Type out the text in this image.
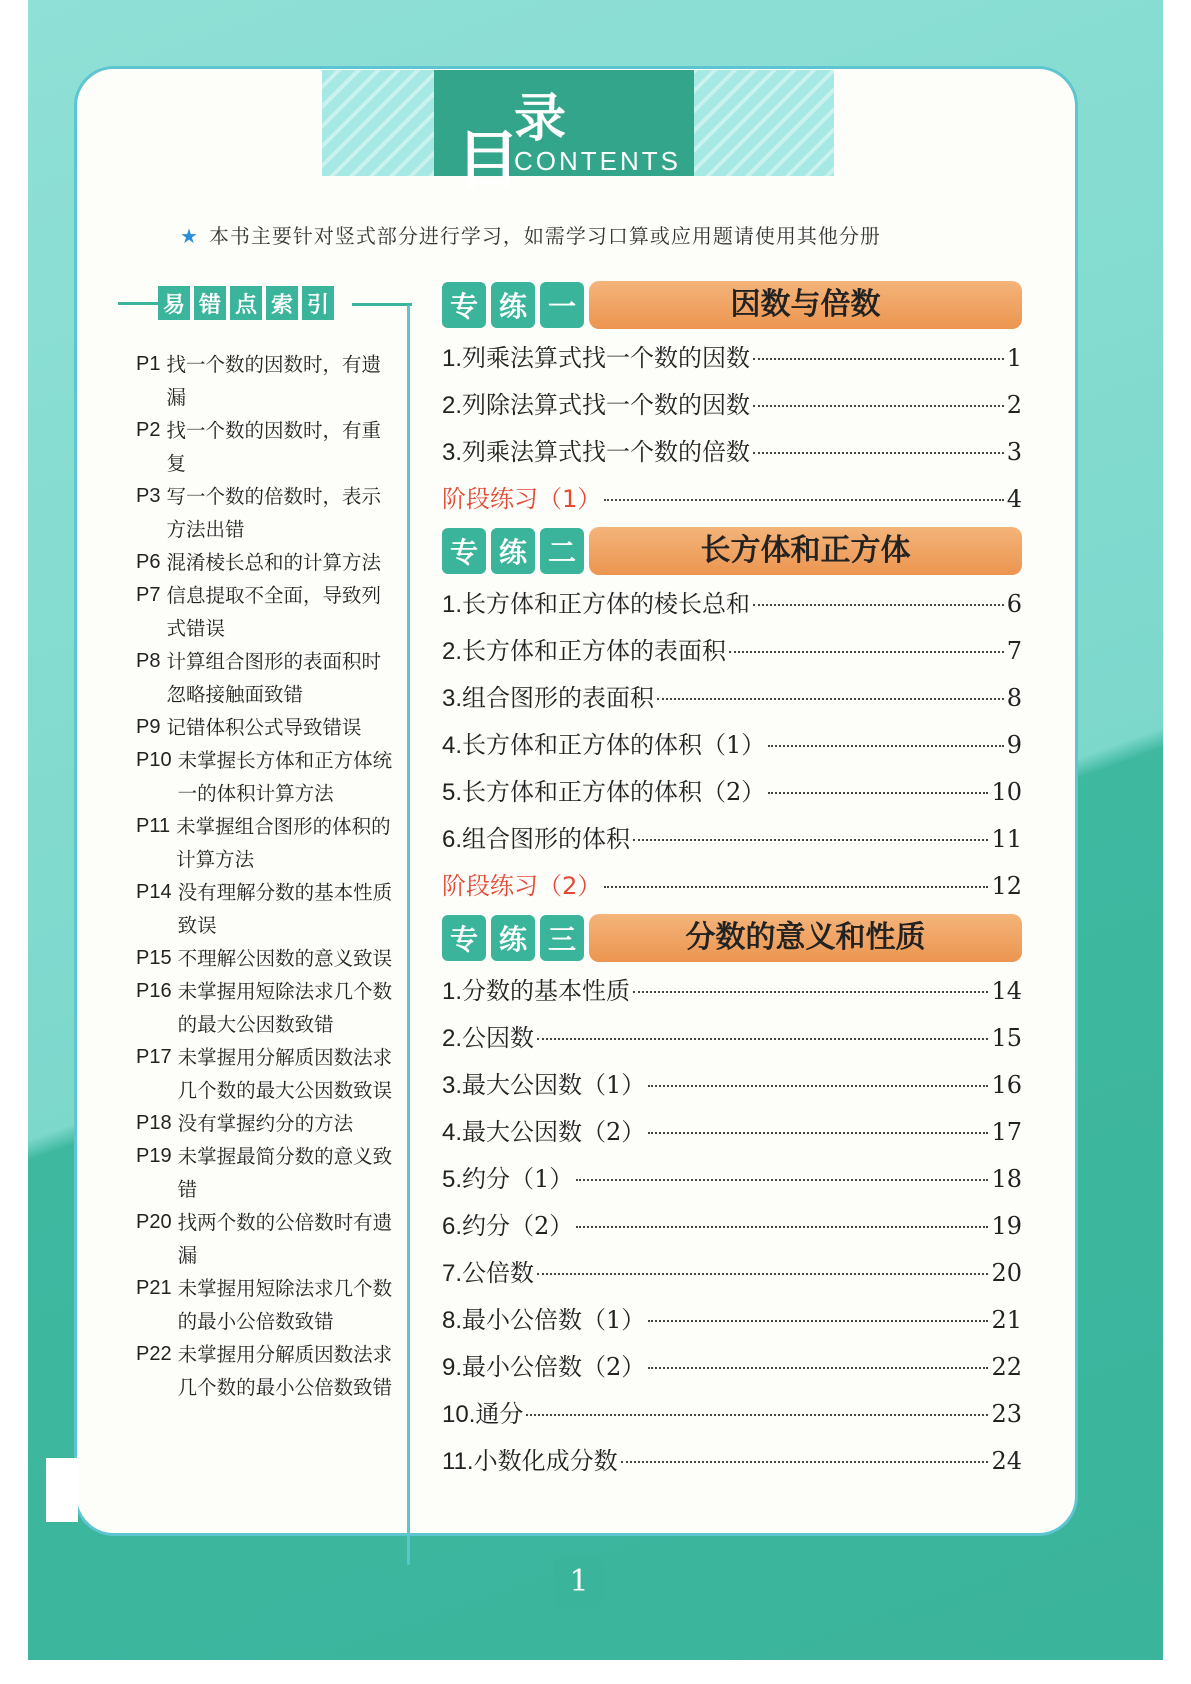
目
录
CONTENTS
★ 本书主要针对竖式部分进行学习，如需学习口算或应用题请使用其他分册
易 错 点 索 引
P1 找一个数的因数时，有遗漏
P2 找一个数的因数时，有重复
P3 写一个数的倍数时，表示方法出错
P6 混淆棱长总和的计算方法
P7 信息提取不全面，导致列式错误
P8 计算组合图形的表面积时忽略接触面致错
P9 记错体积公式导致错误
P10 未掌握长方体和正方体统一的体积计算方法
P11 未掌握组合图形的体积的计算方法
P14 没有理解分数的基本性质致误
P15 不理解公因数的意义致误
P16 未掌握用短除法求几个数的最大公因数致错
P17 未掌握用分解质因数法求几个数的最大公因数致误
P18 没有掌握约分的方法
P19 未掌握最简分数的意义致错
P20 找两个数的公倍数时有遗漏
P21 未掌握用短除法求几个数的最小公倍数致错
P22 未掌握用分解质因数法求几个数的最小公倍数致错
专 练 一	因数与倍数
1. 列乘法算式找一个数的因数	1
2. 列除法算式找一个数的因数	2
3. 列乘法算式找一个数的倍数	3
阶段练习（1）	4
专 练 二	长方体和正方体
1. 长方体和正方体的棱长总和	6
2. 长方体和正方体的表面积	7
3. 组合图形的表面积	8
4. 长方体和正方体的体积（1）	9
5. 长方体和正方体的体积（2）	10
6. 组合图形的体积	11
阶段练习（2）	12
专 练 三	分数的意义和性质
1. 分数的基本性质	14
2. 公因数	15
3. 最大公因数（1）	16
4. 最大公因数（2）	17
5. 约分（1）	18
6. 约分（2）	19
7. 公倍数	20
8. 最小公倍数（1）	21
9. 最小公倍数（2）	22
10. 通分	23
11. 小数化成分数	24
1
